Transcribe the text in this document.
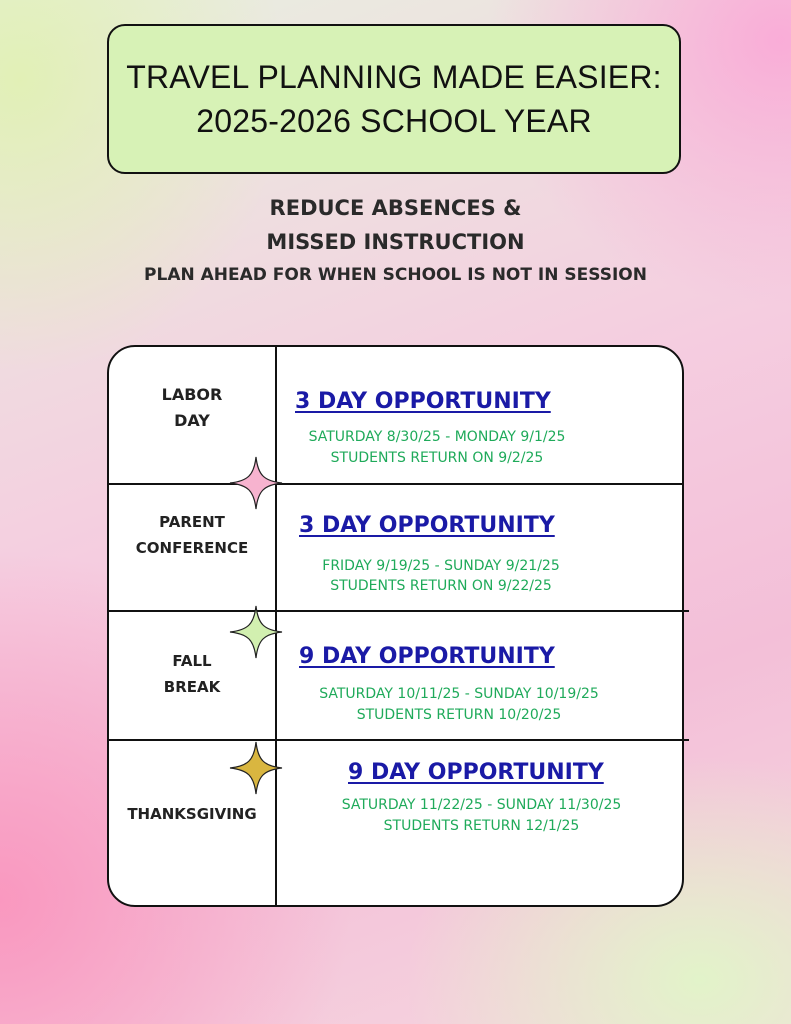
TRAVEL PLANNING MADE EASIER:
2025-2026 SCHOOL YEAR
REDUCE ABSENCES &
MISSED INSTRUCTION
PLAN AHEAD FOR WHEN SCHOOL IS NOT IN SESSION
LABOR
DAY
3 DAY OPPORTUNITY
SATURDAY 8/30/25 - MONDAY 9/1/25
STUDENTS RETURN ON 9/2/25
PARENT
CONFERENCE
3 DAY OPPORTUNITY
FRIDAY 9/19/25 - SUNDAY 9/21/25
STUDENTS RETURN ON 9/22/25
FALL
BREAK
9 DAY OPPORTUNITY
SATURDAY 10/11/25 - SUNDAY 10/19/25
STUDENTS RETURN 10/20/25
THANKSGIVING
9 DAY OPPORTUNITY
SATURDAY 11/22/25 - SUNDAY 11/30/25
STUDENTS RETURN 12/1/25
